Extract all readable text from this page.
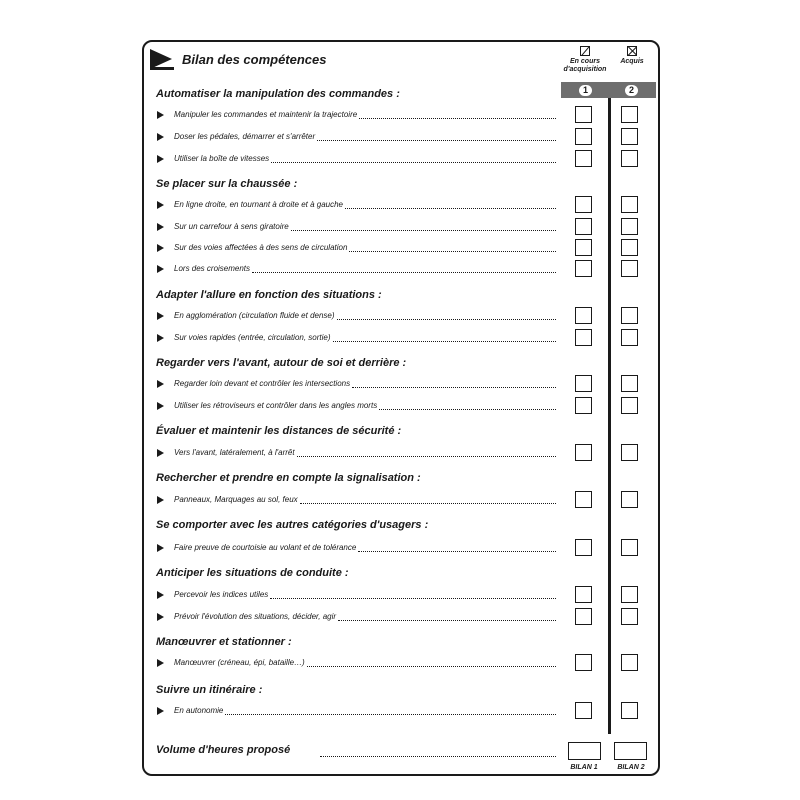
Bilan des compétences	En cours
d'acquisition
Acquis
1	2
Automatiser la manipulation des commandes :
Manipuler les commandes et maintenir la trajectoire
Doser les pédales, démarrer et s'arrêter
Utiliser la boîte de vitesses
Se placer sur la chaussée :
En ligne droite, en tournant à droite et à gauche
Sur un carrefour à sens giratoire
Sur des voies affectées à des sens de circulation
Lors des croisements
Adapter l'allure en fonction des situations :
En agglomération (circulation fluide et dense)
Sur voies rapides (entrée, circulation, sortie)
Regarder vers l'avant, autour de soi et derrière :
Regarder loin devant et contrôler les intersections
Utiliser les rétroviseurs et contrôler dans les angles morts
Évaluer et maintenir les distances de sécurité :
Vers l'avant, latéralement, à l'arrêt
Rechercher et prendre en compte la signalisation :
Panneaux, Marquages au sol, feux
Se comporter avec les autres catégories d'usagers :
Faire preuve de courtoisie au volant et de tolérance
Anticiper les situations de conduite :
Percevoir les indices utiles
Prévoir l'évolution des situations, décider, agir
Manœuvrer et stationner :
Manœuvrer (créneau, épi, bataille…)
Suivre un itinéraire :
En autonomie
Volume d'heures proposé
BILAN 1	BILAN 2
